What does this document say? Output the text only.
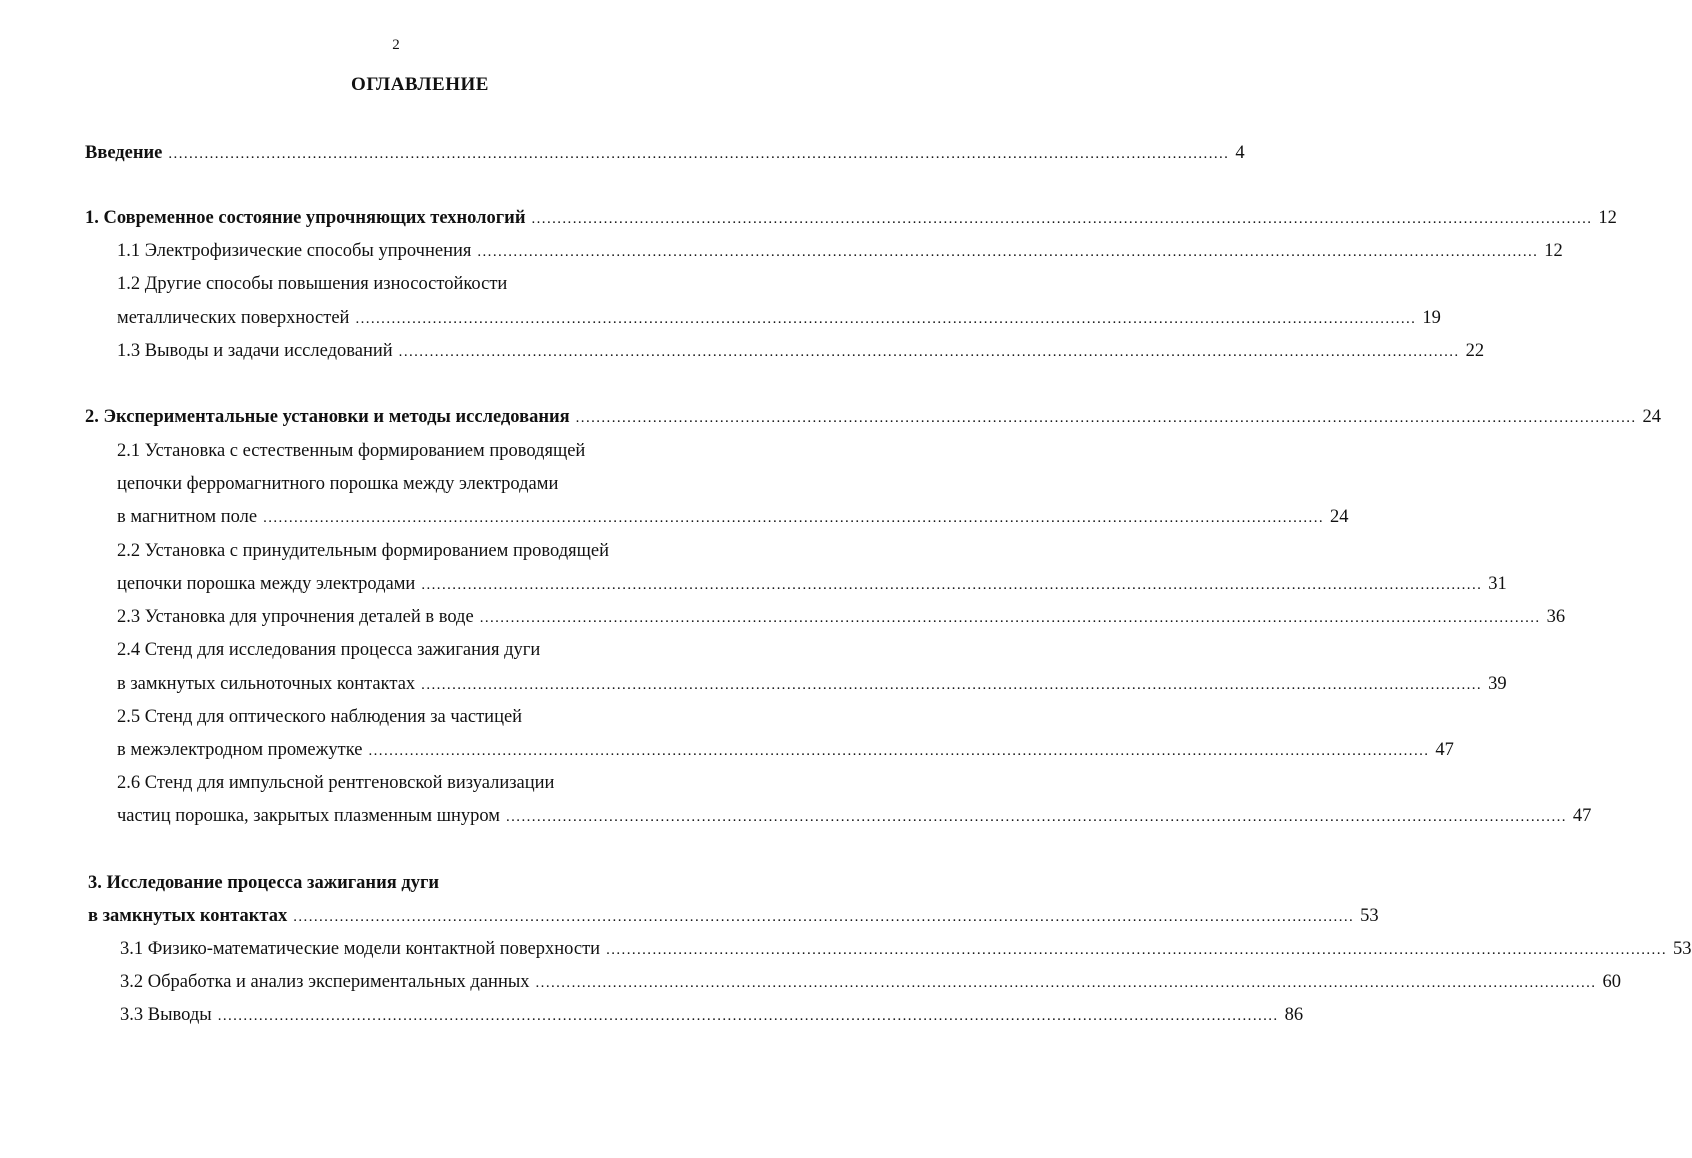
2
ОГЛАВЛЕНИЕ
Введение .............................................................................................................................................................................................................. 4
1. Современное состояние упрочняющих технологий .............................................................................................................................................................................................................. 12
1.1 Электрофизические способы упрочнения .............................................................................................................................................................................................................. 12
1.2 Другие способы повышения износостойкости
металлических поверхностей .............................................................................................................................................................................................................. 19
1.3 Выводы и задачи исследований .............................................................................................................................................................................................................. 22
2. Экспериментальные установки и методы исследования .............................................................................................................................................................................................................. 24
2.1 Установка с естественным формированием проводящей
цепочки ферромагнитного порошка между электродами
в магнитном поле .............................................................................................................................................................................................................. 24
2.2 Установка с принудительным формированием проводящей
цепочки порошка между электродами .............................................................................................................................................................................................................. 31
2.3 Установка для упрочнения деталей в воде .............................................................................................................................................................................................................. 36
2.4 Стенд для исследования процесса зажигания дуги
в замкнутых сильноточных контактах .............................................................................................................................................................................................................. 39
2.5 Стенд для оптического наблюдения за частицей
в межэлектродном промежутке .............................................................................................................................................................................................................. 47
2.6 Стенд для импульсной рентгеновской визуализации
частиц порошка, закрытых плазменным шнуром .............................................................................................................................................................................................................. 47
3. Исследование процесса зажигания дуги
в замкнутых контактах .............................................................................................................................................................................................................. 53
3.1 Физико-математические модели контактной поверхности .............................................................................................................................................................................................................. 53
3.2 Обработка и анализ экспериментальных данных .............................................................................................................................................................................................................. 60
3.3 Выводы .............................................................................................................................................................................................................. 86
